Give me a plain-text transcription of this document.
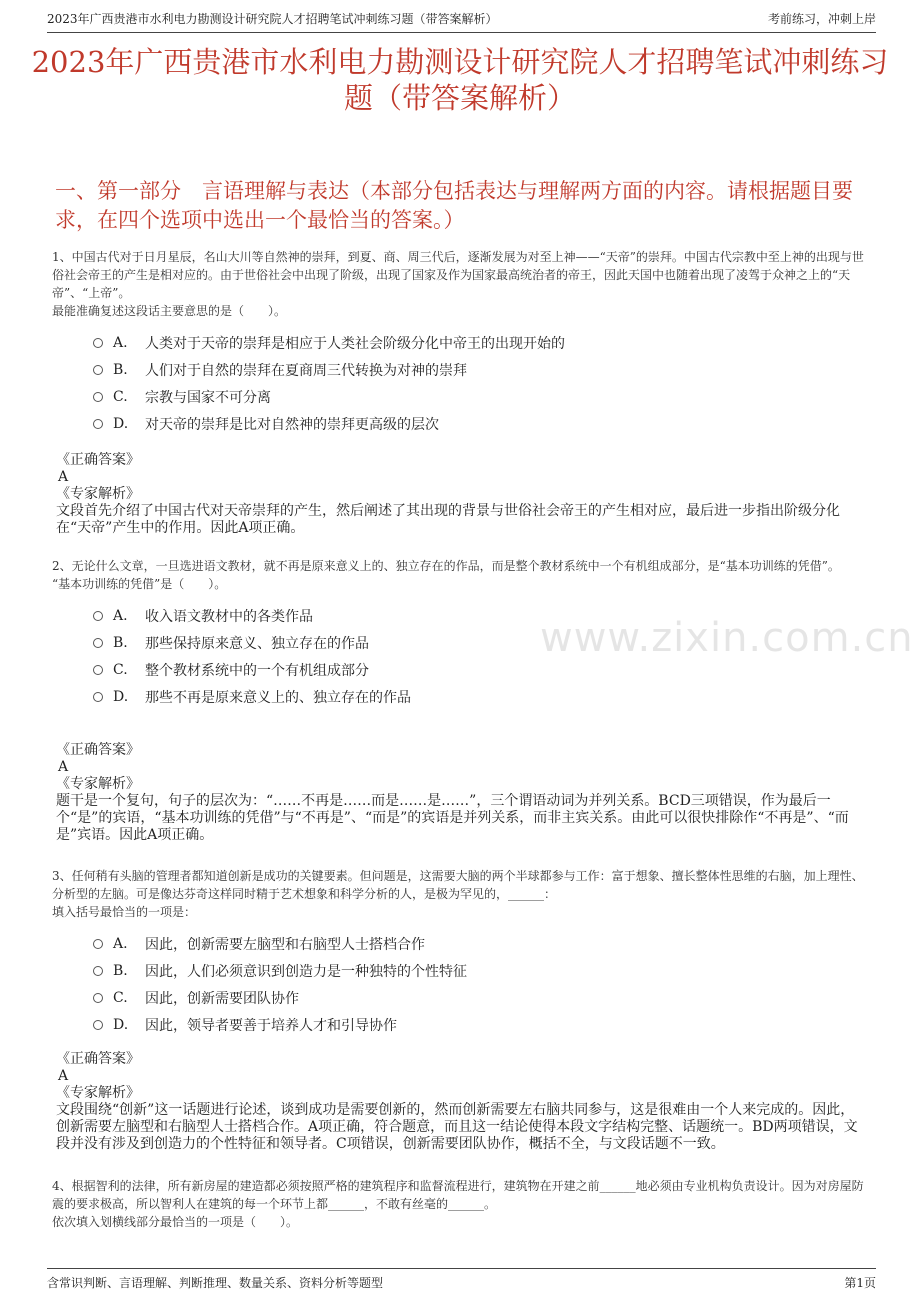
2023年广西贵港市水利电力勘测设计研究院人才招聘笔试冲刺练习题（带答案解析）	考前练习，冲刺上岸
2023年广西贵港市水利电力勘测设计研究院人才招聘笔试冲刺练习题（带答案解析）
一、第一部分　言语理解与表达（本部分包括表达与理解两方面的内容。请根据题目要求，在四个选项中选出一个最恰当的答案。）
www.zixin.com.cn
1、中国古代对于日月星辰，名山大川等自然神的崇拜，到夏、商、周三代后，逐渐发展为对至上神——“天帝”的崇拜。中国古代宗教中至上神的出现与世俗社会帝王的产生是相对应的。由于世俗社会中出现了阶级，出现了国家及作为国家最高统治者的帝王，因此天国中也随着出现了凌驾于众神之上的“天帝”、“上帝”。
最能准确复述这段话主要意思的是（　　）。
A.	人类对于天帝的崇拜是相应于人类社会阶级分化中帝王的出现开始的
B.	人们对于自然的崇拜在夏商周三代转换为对神的崇拜
C.	宗教与国家不可分离
D.	对天帝的崇拜是比对自然神的崇拜更高级的层次

《正确答案》

A

《专家解析》

文段首先介绍了中国古代对天帝崇拜的产生，然后阐述了其出现的背景与世俗社会帝王的产生相对应，最后进一步指出阶级分化在“天帝”产生中的作用。因此A项正确。

2、无论什么文章，一旦选进语文教材，就不再是原来意义上的、独立存在的作品，而是整个教材系统中一个有机组成部分，是“基本功训练的凭借”。
“基本功训练的凭借”是（　　）。
A.	收入语文教材中的各类作品
B.	那些保持原来意义、独立存在的作品
C.	整个教材系统中的一个有机组成部分
D.	那些不再是原来意义上的、独立存在的作品

《正确答案》

A

《专家解析》

题干是一个复句，句子的层次为：“……不再是……而是……是……”，三个谓语动词为并列关系。BCD三项错误，作为最后一个“是”的宾语，“基本功训练的凭借”与“不再是”、“而是”的宾语是并列关系，而非主宾关系。由此可以很快排除作“不再是”、“而是”宾语。因此A项正确。

3、任何稍有头脑的管理者都知道创新是成功的关键要素。但问题是，这需要大脑的两个半球都参与工作：富于想象、擅长整体性思维的右脑，加上理性、分析型的左脑。可是像达芬奇这样同时精于艺术想象和科学分析的人，是极为罕见的，______：
填入括号最恰当的一项是：
A.	因此，创新需要左脑型和右脑型人士搭档合作
B.	因此，人们必须意识到创造力是一种独特的个性特征
C.	因此，创新需要团队协作
D.	因此，领导者要善于培养人才和引导协作

《正确答案》

A

《专家解析》

文段围绕“创新”这一话题进行论述，谈到成功是需要创新的，然而创新需要左右脑共同参与，这是很难由一个人来完成的。因此，创新需要左脑型和右脑型人士搭档合作。A项正确，符合题意，而且这一结论使得本段文字结构完整、话题统一。BD两项错误，文段并没有涉及到创造力的个性特征和领导者。C项错误，创新需要团队协作，概括不全，与文段话题不一致。

4、根据智利的法律，所有新房屋的建造都必须按照严格的建筑程序和监督流程进行，建筑物在开建之前______地必须由专业机构负责设计。因为对房屋防震的要求极高，所以智利人在建筑的每一个环节上都______，不敢有丝毫的______。
依次填入划横线部分最恰当的一项是（　　）。
含常识判断、言语理解、判断推理、数量关系、资料分析等题型	第1页
